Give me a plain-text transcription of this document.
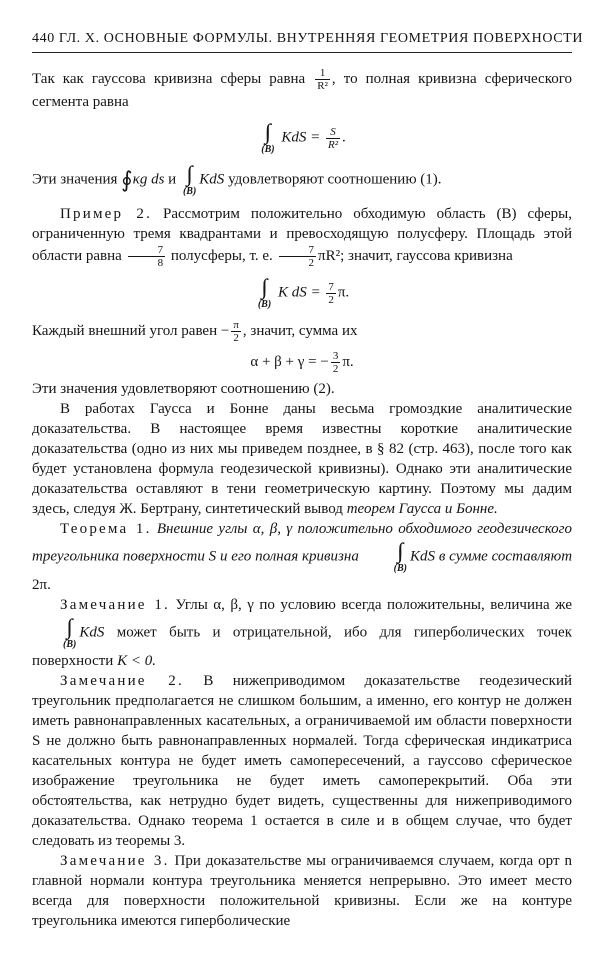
440 ГЛ. X. ОСНОВНЫЕ ФОРМУЛЫ. ВНУТРЕННЯЯ ГЕОМЕТРИЯ ПОВЕРХНОСТИ
Так как гауссова кривизна сферы равна $\frac{1}{\text{R²}}$ , то полная кривизна сферического сегмента равна
∫∫
(B)
KdS = $\frac{S}{\text{R²}}$ .
Эти значения ∮κg ds и ∫∫
(B)
KdS удовлетворяют соотношению (1).
Пример 2. Рассмотрим положительно обходимую область (B) сферы, ограниченную тремя квадрантами и превосходящую полусферу. Площадь этой области равна $\frac{7}{8}$ полусферы, т. е. $\frac{7}{2} \pi R^2$; значит, гауссова кривизна
∫∫
(B)
K dS = $\frac{7}{2} \pi$.
Каждый внешний угол равен − $\frac{\pi}{2}$ , значит, сумма их
α + β + γ = − $\frac{3}{2} \pi$.
Эти значения удовлетворяют соотношению (2).
В работах Гаусса и Бонне даны весьма громоздкие аналитические доказательства. В настоящее время известны короткие аналитические доказательства (одно из них мы приведем позднее, в § 82 (стр. 463), после того как будет установлена формула геодезической кривизны). Однако эти аналитические доказательства оставляют в тени геометрическую картину. Поэтому мы дадим здесь, следуя Ж. Бертрану, синтетический вывод теорем Гаусса и Бонне.
Теорема 1. Внешние углы α, β, γ положительно обходимого геодезического треугольника поверхности S и его полная кривизна	∫∫
(B)
KdS в сумме составляют 2π.
Замечание 1. Углы α, β, γ по условию всегда положительны, величина же
∫∫
(B)
KdS может быть и отрицательной, ибо для гиперболических точек поверхности K < 0.
Замечание 2. В нижеприводимом доказательстве геодезический треугольник предполагается не слишком большим, а именно, его контур не должен иметь равнонаправленных касательных, а ограничиваемой им области поверхности S не должно быть равнонаправленных нормалей. Тогда сферическая индикатриса касательных контура не будет иметь самопересечений, а гауссово сферическое изображение треугольника не будет иметь самоперекрытий. Оба эти обстоятельства, как нетрудно будет видеть, существенны для нижеприводимого доказательства. Однако теорема 1 остается в силе и в общем случае, что будет следовать из теоремы 3.
Замечание 3. При доказательстве мы ограничиваемся случаем, когда орт n главной нормали контура треугольника меняется непрерывно. Это имеет место всегда для поверхности положительной кривизны. Если же на контуре треугольника имеются гиперболические
